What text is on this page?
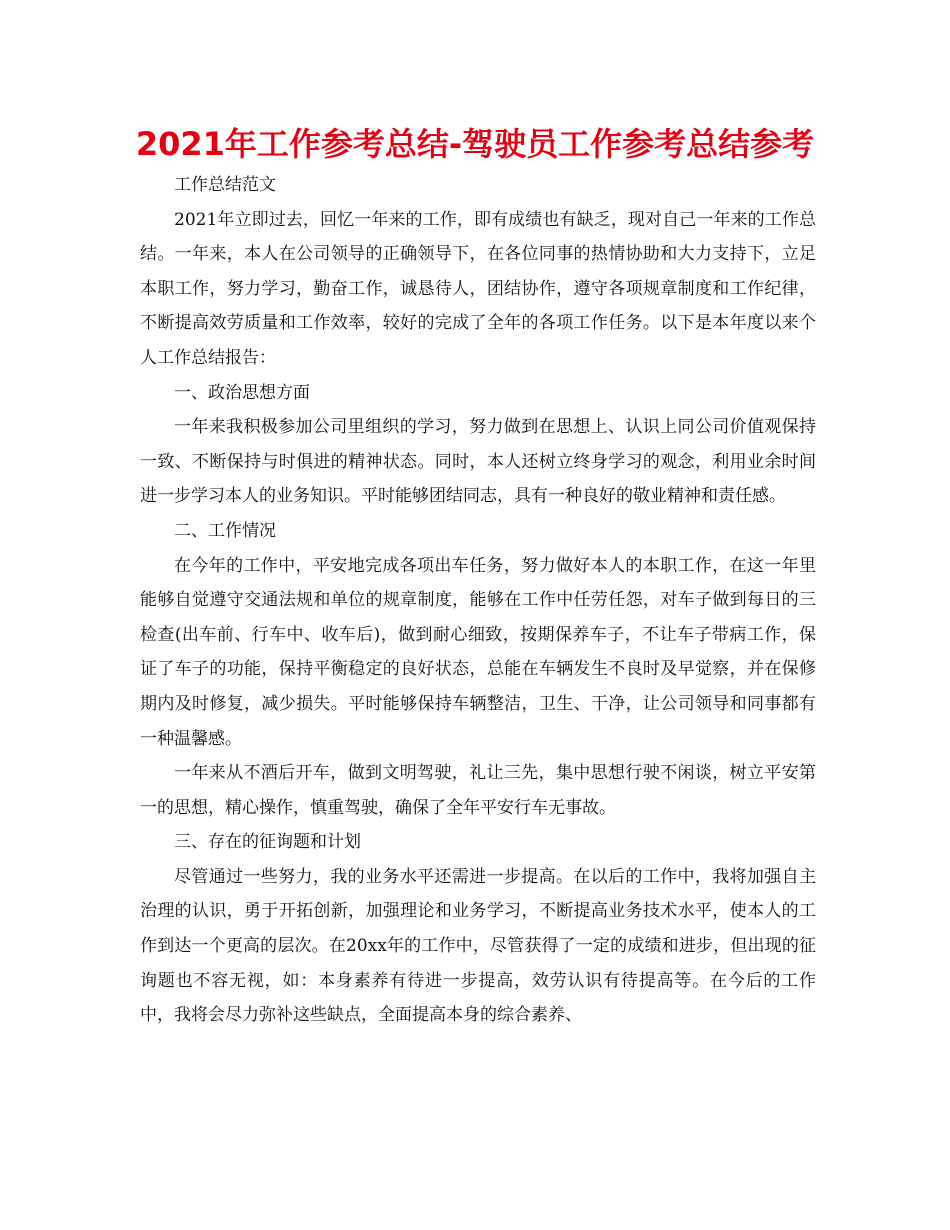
2021年工作参考总结-驾驶员工作参考总结参考

工作总结范文

2021年立即过去，回忆一年来的工作，即有成绩也有缺乏，现对自己一年来的工作总结。一年来，本人在公司领导的正确领导下，在各位同事的热情协助和大力支持下，立足本职工作，努力学习，勤奋工作，诚恳待人，团结协作，遵守各项规章制度和工作纪律，不断提高效劳质量和工作效率，较好的完成了全年的各项工作任务。以下是本年度以来个人工作总结报告：

一、政治思想方面

一年来我积极参加公司里组织的学习，努力做到在思想上、认识上同公司价值观保持一致、不断保持与时俱进的精神状态。同时，本人还树立终身学习的观念，利用业余时间进一步学习本人的业务知识。平时能够团结同志，具有一种良好的敬业精神和责任感。

二、工作情况

在今年的工作中，平安地完成各项出车任务，努力做好本人的本职工作，在这一年里能够自觉遵守交通法规和单位的规章制度，能够在工作中任劳任怨，对车子做到每日的三检查(出车前、行车中、收车后)，做到耐心细致，按期保养车子，不让车子带病工作，保证了车子的功能，保持平衡稳定的良好状态，总能在车辆发生不良时及早觉察，并在保修期内及时修复，减少损失。平时能够保持车辆整洁，卫生、干净，让公司领导和同事都有一种温馨感。

一年来从不酒后开车，做到文明驾驶，礼让三先，集中思想行驶不闲谈，树立平安第一的思想，精心操作，慎重驾驶，确保了全年平安行车无事故。

三、存在的征询题和计划

尽管通过一些努力，我的业务水平还需进一步提高。在以后的工作中，我将加强自主治理的认识，勇于开拓创新，加强理论和业务学习，不断提高业务技术水平，使本人的工作到达一个更高的层次。在20xx年的工作中，尽管获得了一定的成绩和进步，但出现的征询题也不容无视，如：本身素养有待进一步提高，效劳认识有待提高等。在今后的工作中，我将会尽力弥补这些缺点，全面提高本身的综合素养、
